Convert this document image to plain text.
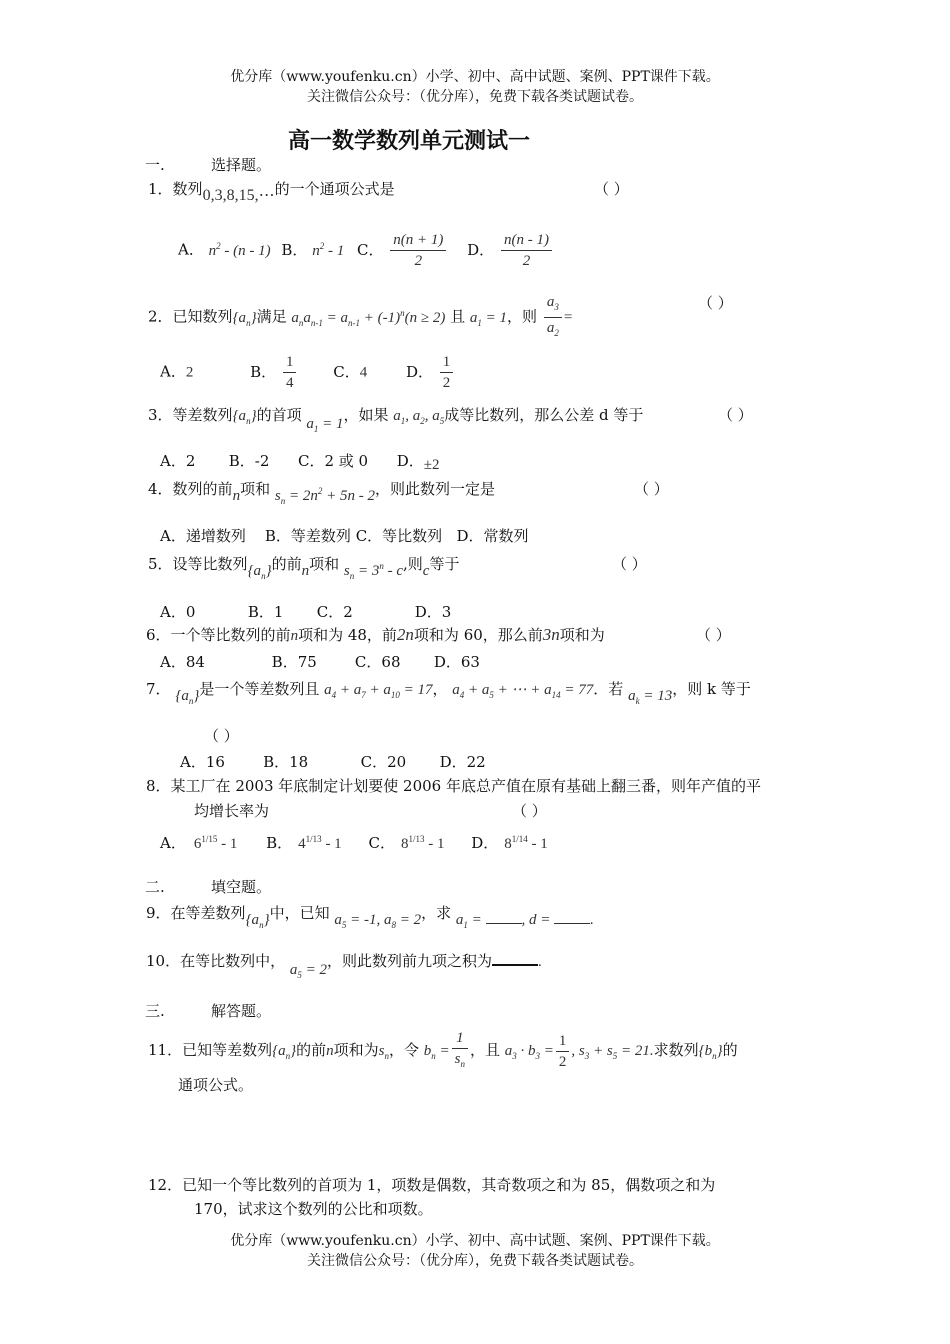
优分库（www.youfenku.cn）小学、初中、高中试题、案例、PPT课件下载。
关注微信公众号：（优分库），免费下载各类试题试卷。
高一数学数列单元测试一
一.	选择题。
1．数列0,3,8,15,⋯的一个通项公式是	（ ）
A． $n^2 - (n - 1)$ B． $n^2 - 1$ C． $\frac{n(n + 1)}{2}$ D． $\frac{n(n - 1)}{2}$
2．已知数列$\{a_n\}$满足 $a_na_{n-1} = a_{n-1} + (-1)^n(n \ge 2)$ 且 $a_1 = 1$，则 $\frac{a_3}{a_2}$ =
（ ）
A．2	B． $\frac{1}{4}$ C．4	D． $\frac{1}{2}$
3．等差数列$\{a_n\}$的首项 $a_1 = 1$，如果 $a_1$, $a_2$, $a_5$成等比数列，那么公差 d 等于	（ ）
A．2       B．-2      C．2 或 0      D．±2
4．数列的前n项和 $s_n = 2n^2 + 5n - 2$，则此数列一定是	（ ）
A．递增数列    B．等差数列 C．等比数列   D．常数列
5．设等比数列$\{a_n\}$的前n项和 $s_n = 3^n - c$,则c等于	（ ）
A．0           B．1       C．2             D．3
6．一个等比数列的前n项和为 48，前2n项和为 60，那么前3n项和为	（ ）
A．84              B．75        C．68       D．63
7． $\{a_n\}$是一个等差数列且 $a_4 + a_7 + a_{10} = 17$， $a_4 + a_5$ + ⋯ + $a_{14} = 77$．若 $a_k = 13$，则 k 等于
（ ）
A．16        B．18           C．20       D．22
8．某工厂在 2003 年底制定计划要使 2006 年底总产值在原有基础上翻三番，则年产值的平
均增长率为	（ ）
A． $6^{1/15} - 1$ B． $4^{1/13} - 1$ C． $8^{1/13} - 1$ D． $8^{1/14} - 1$
二.	填空题。
9．在等差数列$\{a_n\}$中，已知 $a_5 = -1$, $a_8 = 2$，求 $a_1$ = , d = .
10．在等比数列中， $a_5 = 2$，则此数列前九项之积为	.
三.	解答题。
11．已知等差数列$\{a_n\}$的前n项和为$s_n$，令 $b_n = \frac{1}{s_n}$ ，且 $a_3 \cdot b_3 = \frac{1}{2}$ , $s_3 + s_5 = 21$.求数列$\{b_n\}$的
通项公式。
12．已知一个等比数列的首项为 1，项数是偶数，其奇数项之和为 85，偶数项之和为
170，试求这个数列的公比和项数。
优分库（www.youfenku.cn）小学、初中、高中试题、案例、PPT课件下载。
关注微信公众号：（优分库），免费下载各类试题试卷。
